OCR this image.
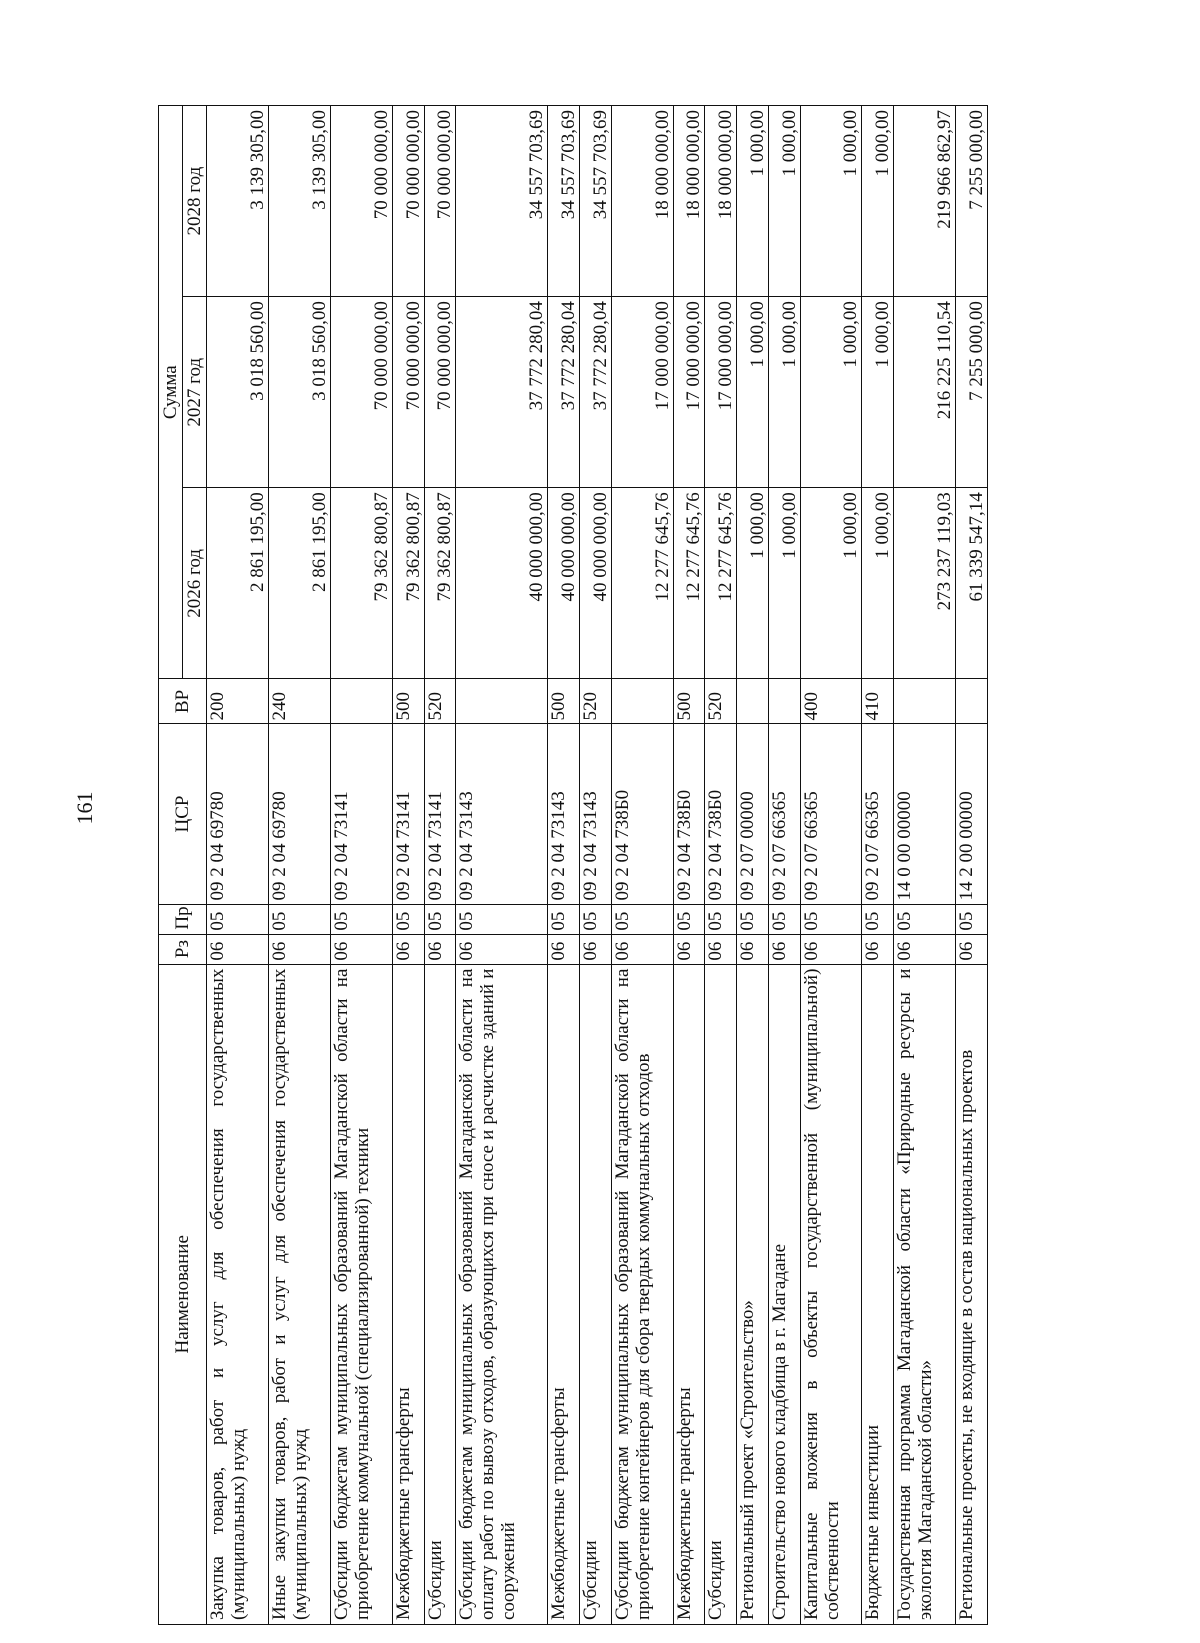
161
Наименование	Рз	Пр	ЦСР	ВР	Сумма		
					2026 год	2027 год	2028 год
Закупка товаров, работ и услуг для обеспечения государственных (муниципальных) нужд	06	05	09 2 04 69780	200	2 861 195,00	3 018 560,00	3 139 305,00
Иные закупки товаров, работ и услуг для обеспечения государственных (муниципальных) нужд	06	05	09 2 04 69780	240	2 861 195,00	3 018 560,00	3 139 305,00
Субсидии бюджетам муниципальных образований Магаданской области на приобретение коммунальной (специализированной) техники	06	05	09 2 04 73141		79 362 800,87	70 000 000,00	70 000 000,00
Межбюджетные трансферты	06	05	09 2 04 73141	500	79 362 800,87	70 000 000,00	70 000 000,00
Субсидии	06	05	09 2 04 73141	520	79 362 800,87	70 000 000,00	70 000 000,00
Субсидии бюджетам муниципальных образований Магаданской области на оплату работ по вывозу отходов, образующихся при сносе и расчистке зданий и сооружений	06	05	09 2 04 73143		40 000 000,00	37 772 280,04	34 557 703,69
Межбюджетные трансферты	06	05	09 2 04 73143	500	40 000 000,00	37 772 280,04	34 557 703,69
Субсидии	06	05	09 2 04 73143	520	40 000 000,00	37 772 280,04	34 557 703,69
Субсидии бюджетам муниципальных образований Магаданской области на приобретение контейнеров для сбора твердых коммунальных отходов	06	05	09 2 04 738Б0		12 277 645,76	17 000 000,00	18 000 000,00
Межбюджетные трансферты	06	05	09 2 04 738Б0	500	12 277 645,76	17 000 000,00	18 000 000,00
Субсидии	06	05	09 2 04 738Б0	520	12 277 645,76	17 000 000,00	18 000 000,00
Региональный проект «Строительство»	06	05	09 2 07 00000		1 000,00	1 000,00	1 000,00
Строительство нового кладбища в г. Магадане	06	05	09 2 07 66365		1 000,00	1 000,00	1 000,00
Капитальные вложения в объекты государственной (муниципальной) собственности	06	05	09 2 07 66365	400	1 000,00	1 000,00	1 000,00
Бюджетные инвестиции	06	05	09 2 07 66365	410	1 000,00	1 000,00	1 000,00
Государственная программа Магаданской области «Природные ресурсы и экология Магаданской области»	06	05	14 0 00 00000		273 237 119,03	216 225 110,54	219 966 862,97
Региональные проекты, не входящие в состав национальных проектов	06	05	14 2 00 00000		61 339 547,14	7 255 000,00	7 255 000,00
